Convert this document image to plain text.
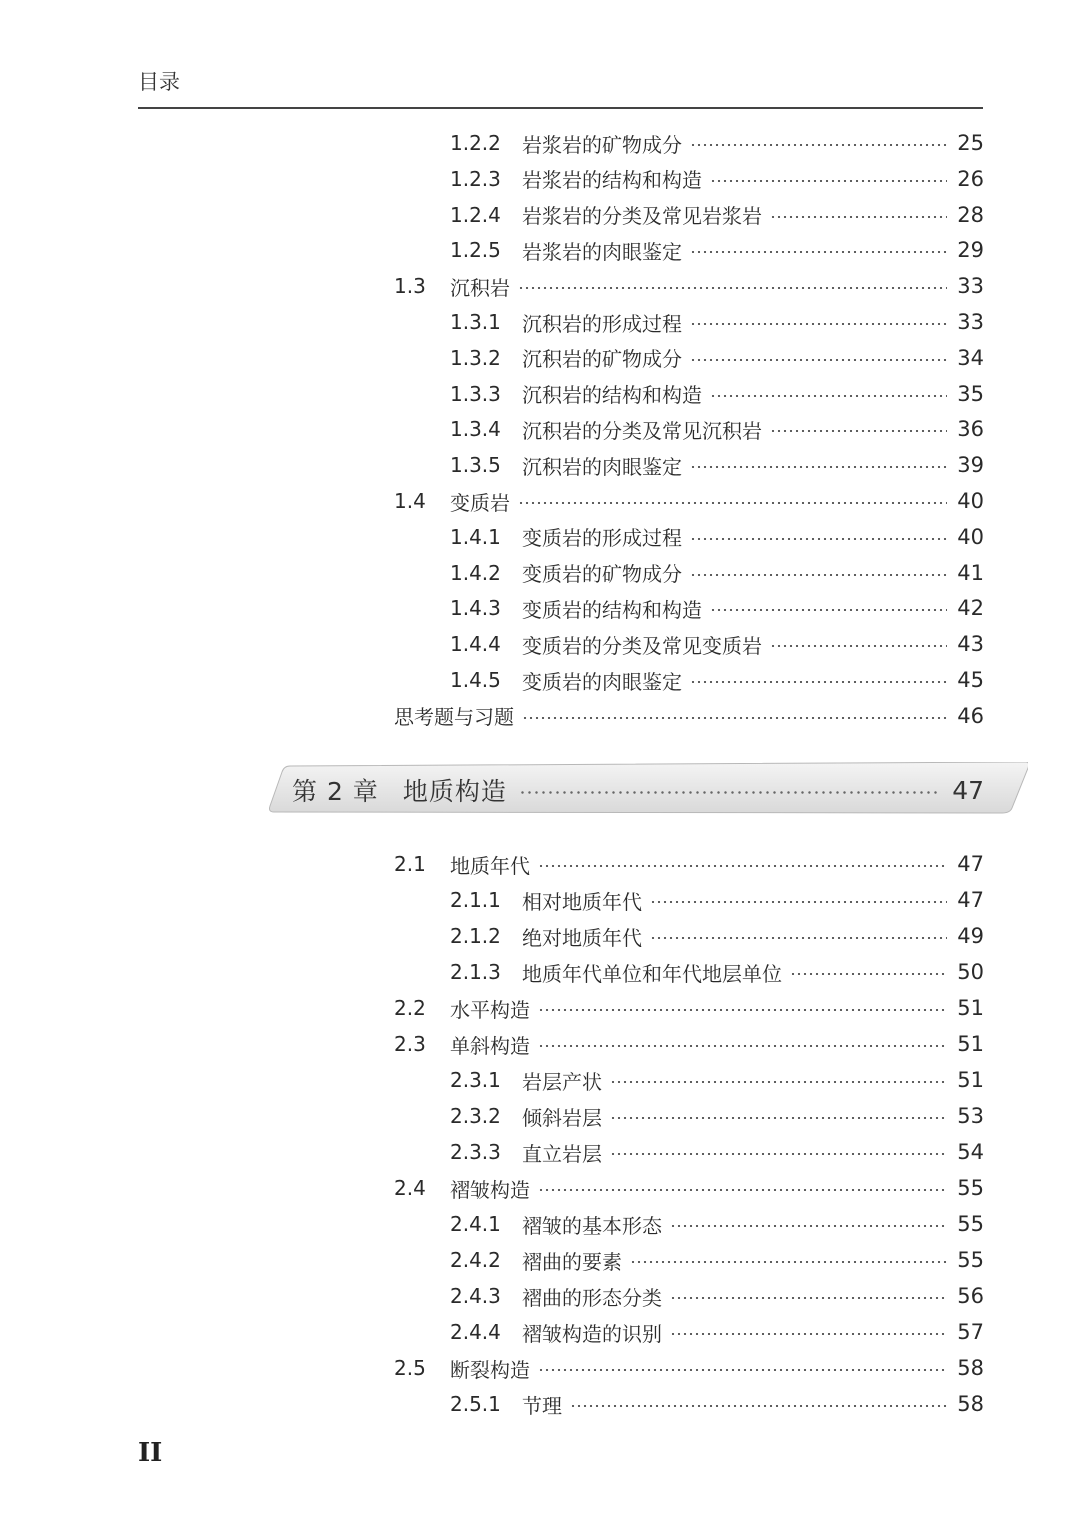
目录
1.2.2	岩浆岩的矿物成分	25
1.2.3	岩浆岩的结构和构造	26
1.2.4	岩浆岩的分类及常见岩浆岩	28
1.2.5	岩浆岩的肉眼鉴定	29
1.3	沉积岩	33
1.3.1	沉积岩的形成过程	33
1.3.2	沉积岩的矿物成分	34
1.3.3	沉积岩的结构和构造	35
1.3.4	沉积岩的分类及常见沉积岩	36
1.3.5	沉积岩的肉眼鉴定	39
1.4	变质岩	40
1.4.1	变质岩的形成过程	40
1.4.2	变质岩的矿物成分	41
1.4.3	变质岩的结构和构造	42
1.4.4	变质岩的分类及常见变质岩	43
1.4.5	变质岩的肉眼鉴定	45
思考题与习题	46
第 2 章 地质构造	47
2.1	地质年代	47
2.1.1	相对地质年代	47
2.1.2	绝对地质年代	49
2.1.3	地质年代单位和年代地层单位	50
2.2	水平构造	51
2.3	单斜构造	51
2.3.1	岩层产状	51
2.3.2	倾斜岩层	53
2.3.3	直立岩层	54
2.4	褶皱构造	55
2.4.1	褶皱的基本形态	55
2.4.2	褶曲的要素	55
2.4.3	褶曲的形态分类	56
2.4.4	褶皱构造的识别	57
2.5	断裂构造	58
2.5.1	节理	58
II
